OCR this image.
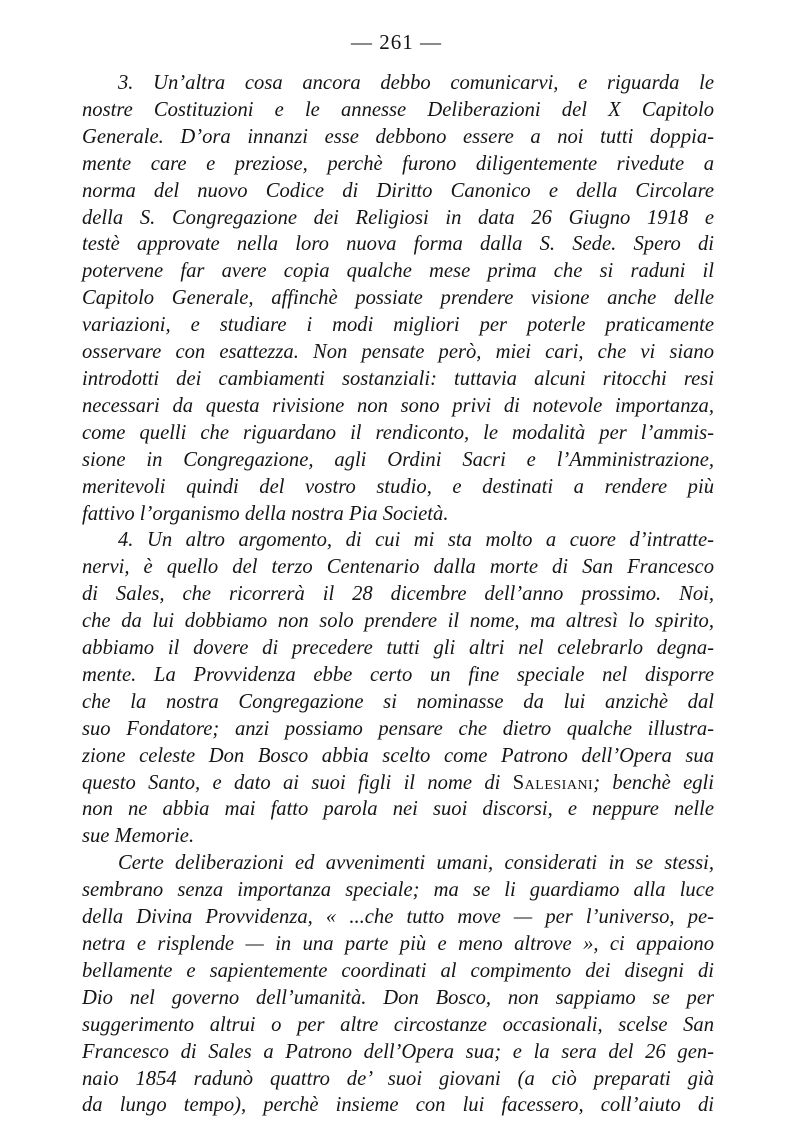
— 261 —
3. Un’altra cosa ancora debbo comunicarvi, e riguarda le
nostre Costituzioni e le annesse Deliberazioni del X Capitolo
Generale. D’ora innanzi esse debbono essere a noi tutti doppia-
mente care e preziose, perchè furono diligentemente rivedute a
norma del nuovo Codice di Diritto Canonico e della Circolare
della S. Congregazione dei Religiosi in data 26 Giugno 1918 e
testè approvate nella loro nuova forma dalla S. Sede. Spero di
potervene far avere copia qualche mese prima che si raduni il
Capitolo Generale, affinchè possiate prendere visione anche delle
variazioni, e studiare i modi migliori per poterle praticamente
osservare con esattezza. Non pensate però, miei cari, che vi siano
introdotti dei cambiamenti sostanziali: tuttavia alcuni ritocchi resi
necessari da questa rivisione non sono privi di notevole importanza,
come quelli che riguardano il rendiconto, le modalità per l’ammis-
sione in Congregazione, agli Ordini Sacri e l’Amministrazione,
meritevoli quindi del vostro studio, e destinati a rendere più
fattivo l’organismo della nostra Pia Società.
4. Un altro argomento, di cui mi sta molto a cuore d’intratte-
nervi, è quello del terzo Centenario dalla morte di San Francesco
di Sales, che ricorrerà il 28 dicembre dell’anno prossimo. Noi,
che da lui dobbiamo non solo prendere il nome, ma altresì lo spirito,
abbiamo il dovere di precedere tutti gli altri nel celebrarlo degna-
mente. La Provvidenza ebbe certo un fine speciale nel disporre
che la nostra Congregazione si nominasse da lui anzichè dal
suo Fondatore; anzi possiamo pensare che dietro qualche illustra-
zione celeste Don Bosco abbia scelto come Patrono dell’Opera sua
questo Santo, e dato ai suoi figli il nome di Salesiani; benchè egli
non ne abbia mai fatto parola nei suoi discorsi, e neppure nelle
sue Memorie.
Certe deliberazioni ed avvenimenti umani, considerati in se stessi,
sembrano senza importanza speciale; ma se li guardiamo alla luce
della Divina Provvidenza, « ...che tutto move — per l’universo, pe-
netra e risplende — in una parte più e meno altrove », ci appaiono
bellamente e sapientemente coordinati al compimento dei disegni di
Dio nel governo dell’umanità. Don Bosco, non sappiamo se per
suggerimento altrui o per altre circostanze occasionali, scelse San
Francesco di Sales a Patrono dell’Opera sua; e la sera del 26 gen-
naio 1854 radunò quattro de’ suoi giovani (a ciò preparati già
da lungo tempo), perchè insieme con lui facessero, coll’aiuto di
